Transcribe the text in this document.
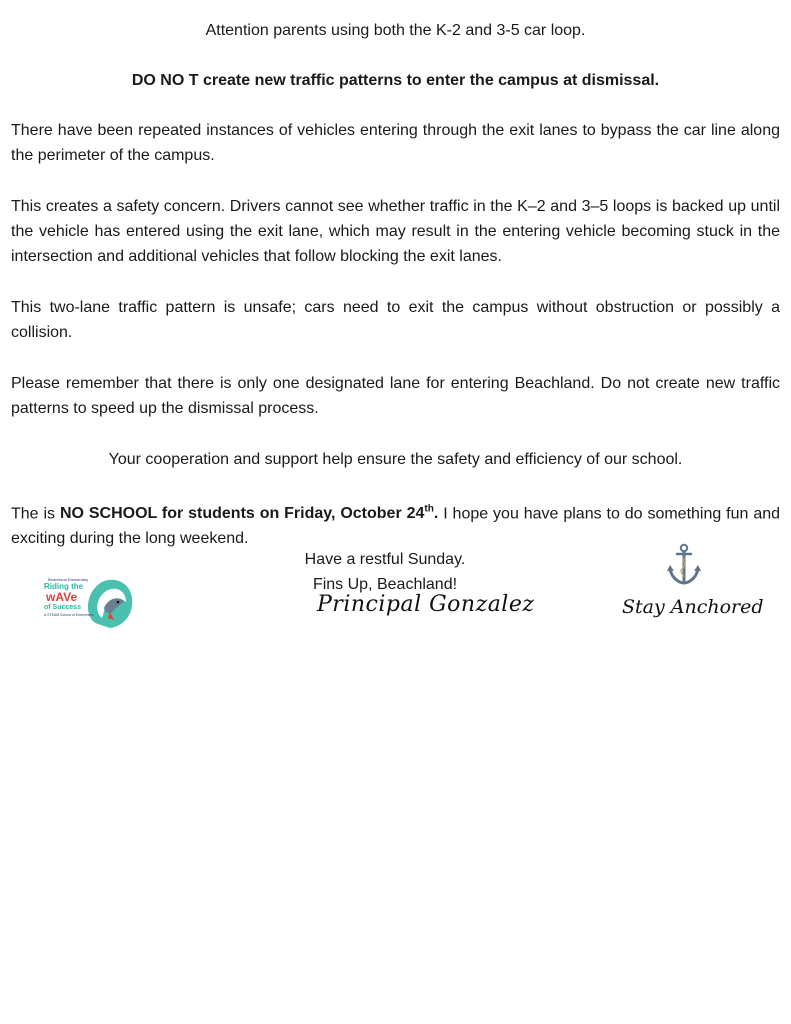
Attention parents using both the K-2 and 3-5 car loop.

DO NO T create new traffic patterns to enter the campus at dismissal.

There have been repeated instances of vehicles entering through the exit lanes to bypass the car line along the perimeter of the campus.

This creates a safety concern. Drivers cannot see whether traffic in the K–2 and 3–5 loops is backed up until the vehicle has entered using the exit lane, which may result in the entering vehicle becoming stuck in the intersection and additional vehicles that follow blocking the exit lanes.

This two-lane traffic pattern is unsafe; cars need to exit the campus without obstruction or possibly a collision.

Please remember that there is only one designated lane for entering Beachland. Do not create new traffic patterns to speed up the dismissal process.

Your cooperation and support help ensure the safety and efficiency of our school.

The is NO SCHOOL for students on Friday, October 24th. I hope you have plans to do something fun and exciting during the long weekend.

Have a restful Sunday.

Fins Up, Beachland!

Principal Gonzalez
Beachland Elementary
Riding the
wAVe
of Success
A STEAM School of Enrichment	Stay Anchored
